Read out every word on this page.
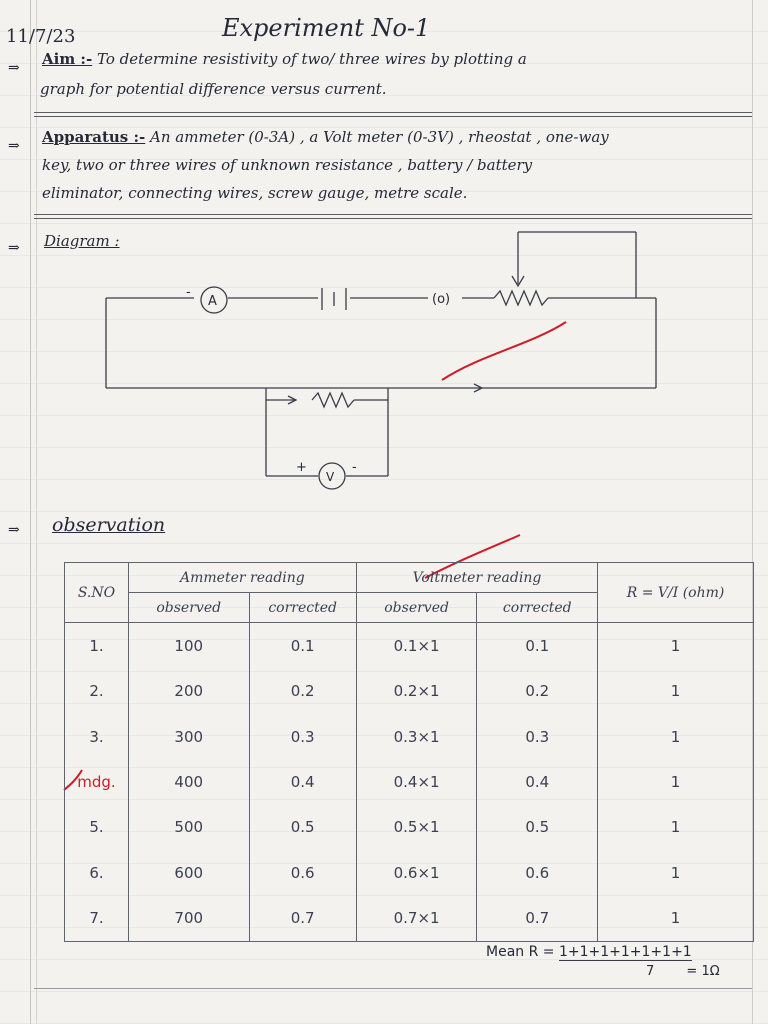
11/7/23	Experiment No-1
⇒ Aim :- To determine resistivity of two/ three wires by plotting a
graph for potential difference versus current.
⇒ Apparatus :- An ammeter (0-3A) , a Volt meter (0-3V) , rheostat , one-way
key, two or three wires of unknown resistance , battery / battery
eliminator, connecting wires, screw gauge, metre scale.
⇒ Diagram :
A
V
(o)
-
+	-
⇒ observation
S.NO	Ammeter reading		Voltmeter reading		R = V/I (ohm)
	observed	corrected	observed	corrected	
1.	100	0.1	0.1×1	0.1	1
2.	200	0.2	0.2×1	0.2	1
3.	300	0.3	0.3×1	0.3	1
mdg.	400	0.4	0.4×1	0.4	1
5.	500	0.5	0.5×1	0.5	1
6.	600	0.6	0.6×1	0.6	1
7.	700	0.7	0.7×1	0.7	1
Mean R = 1+1+1+1+1+1+1
7 = 1Ω
